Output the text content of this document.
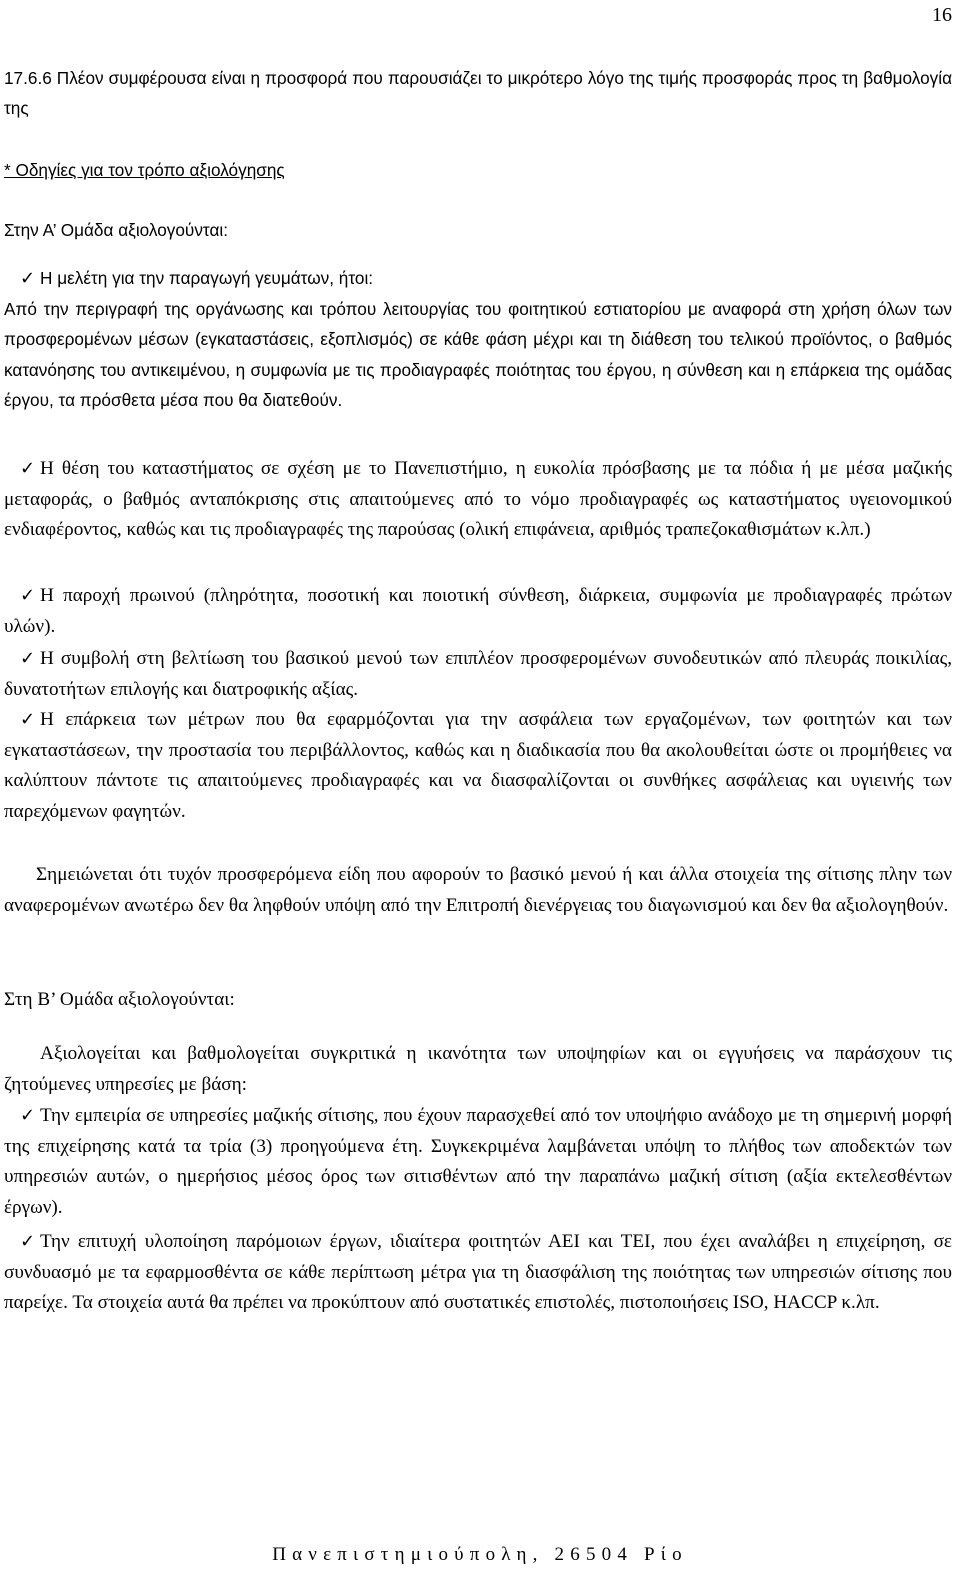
16

17.6.6 Πλέον συμφέρουσα είναι η προσφορά που παρουσιάζει το μικρότερο λόγο της τιμής προσφοράς προς τη βαθμολογία της

* Οδηγίες για τον τρόπο αξιολόγησης

Στην Α’ Ομάδα αξιολογούνται:

✓ Η μελέτη για την παραγωγή γευμάτων, ήτοι:

Από την περιγραφή της οργάνωσης και τρόπου λειτουργίας του φοιτητικού εστιατορίου με αναφορά στη χρήση όλων των προσφερομένων μέσων (εγκαταστάσεις, εξοπλισμός) σε κάθε φάση μέχρι και τη διάθεση του τελικού προϊόντος, ο βαθμός κατανόησης του αντικειμένου, η συμφωνία με τις προδιαγραφές ποιότητας του έργου, η σύνθεση και η επάρκεια της ομάδας έργου, τα πρόσθετα μέσα που θα διατεθούν.

✓ Η θέση του καταστήματος σε σχέση με το Πανεπιστήμιο, η ευκολία πρόσβασης με τα πόδια ή με μέσα μαζικής μεταφοράς, ο βαθμός ανταπόκρισης στις απαιτούμενες από το νόμο προδιαγραφές ως καταστήματος υγειονομικού ενδιαφέροντος, καθώς και τις προδιαγραφές της παρούσας (ολική επιφάνεια, αριθμός τραπεζοκαθισμάτων κ.λπ.)

✓ Η παροχή πρωινού (πληρότητα, ποσοτική και ποιοτική σύνθεση, διάρκεια, συμφωνία με προδιαγραφές πρώτων υλών).

✓ Η συμβολή στη βελτίωση του βασικού μενού των επιπλέον προσφερομένων συνοδευτικών από πλευράς ποικιλίας, δυνατοτήτων επιλογής και διατροφικής αξίας.

✓ Η επάρκεια των μέτρων που θα εφαρμόζονται για την ασφάλεια των εργαζομένων, των φοιτητών και των εγκαταστάσεων, την προστασία του περιβάλλοντος, καθώς και η διαδικασία που θα ακολουθείται ώστε οι προμήθειες να καλύπτουν πάντοτε τις απαιτούμενες προδιαγραφές και να διασφαλίζονται οι συνθήκες ασφάλειας και υγιεινής των παρεχόμενων φαγητών.

Σημειώνεται ότι τυχόν προσφερόμενα είδη που αφορούν το βασικό μενού ή και άλλα στοιχεία της σίτισης πλην των αναφερομένων ανωτέρω δεν θα ληφθούν υπόψη από την Επιτροπή διενέργειας του διαγωνισμού και δεν θα αξιολογηθούν.

Στη Β’ Ομάδα αξιολογούνται:

Αξιολογείται και βαθμολογείται συγκριτικά η ικανότητα των υποψηφίων και οι εγγυήσεις να παράσχουν τις ζητούμενες υπηρεσίες με βάση:

✓ Την εμπειρία σε υπηρεσίες μαζικής σίτισης, που έχουν παρασχεθεί από τον υποψήφιο ανάδοχο με τη σημερινή μορφή της επιχείρησης κατά τα τρία (3) προηγούμενα έτη. Συγκεκριμένα λαμβάνεται υπόψη το πλήθος των αποδεκτών των υπηρεσιών αυτών, ο ημερήσιος μέσος όρος των σιτισθέντων από την παραπάνω μαζική σίτιση (αξία εκτελεσθέντων έργων).

✓ Την επιτυχή υλοποίηση παρόμοιων έργων, ιδιαίτερα φοιτητών ΑΕΙ και ΤΕΙ, που έχει αναλάβει η επιχείρηση, σε συνδυασμό με τα εφαρμοσθέντα σε κάθε περίπτωση μέτρα για τη διασφάλιση της ποιότητας των υπηρεσιών σίτισης που παρείχε. Τα στοιχεία αυτά θα πρέπει να προκύπτουν από συστατικές επιστολές, πιστοποιήσεις ISO, HACCP κ.λπ.

Πανεπιστημιούπολη, 26504 Ρίο
